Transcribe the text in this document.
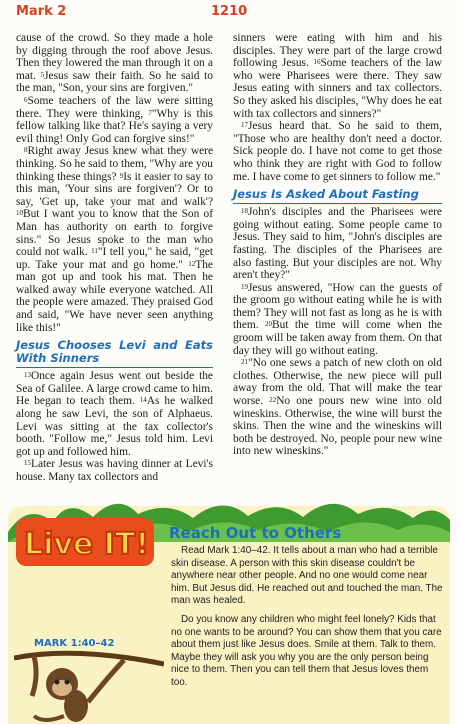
Mark 2	1210

cause of the crowd. So they made a hole by digging through the roof above Jesus. Then they lowered the man through it on a mat. $^5$Jesus saw their faith. So he said to the man, "Son, your sins are forgiven."

$^6$Some teachers of the law were sitting there. They were thinking, $^7$"Why is this fellow talking like that? He's saying a very evil thing! Only God can forgive sins!"

$^8$Right away Jesus knew what they were thinking. So he said to them, "Why are you thinking these things? $^9$Is it easier to say to this man, 'Your sins are forgiven'? Or to say, 'Get up, take your mat and walk'? $^{10}$But I want you to know that the Son of Man has authority on earth to forgive sins." So Jesus spoke to the man who could not walk. $^{11}$"I tell you," he said, "get up. Take your mat and go home." $^{12}$The man got up and took his mat. Then he walked away while everyone watched. All the people were amazed. They praised God and said, "We have never seen anything like this!"

Jesus Chooses Levi and Eats With Sinners

$^{13}$Once again Jesus went out beside the Sea of Galilee. A large crowd came to him. He began to teach them. $^{14}$As he walked along he saw Levi, the son of Alphaeus. Levi was sitting at the tax collector's booth. "Follow me," Jesus told him. Levi got up and followed him.

$^{15}$Later Jesus was having dinner at Levi's house. Many tax collectors and

sinners were eating with him and his disciples. They were part of the large crowd following Jesus. $^{16}$Some teachers of the law who were Pharisees were there. They saw Jesus eating with sinners and tax collectors. So they asked his disciples, "Why does he eat with tax collectors and sinners?"

$^{17}$Jesus heard that. So he said to them, "Those who are healthy don't need a doctor. Sick people do. I have not come to get those who think they are right with God to follow me. I have come to get sinners to follow me."

Jesus Is Asked About Fasting

$^{18}$John's disciples and the Pharisees were going without eating. Some people came to Jesus. They said to him, "John's disciples are fasting. The disciples of the Pharisees are also fasting. But your disciples are not. Why aren't they?"

$^{19}$Jesus answered, "How can the guests of the groom go without eating while he is with them? They will not fast as long as he is with them. $^{20}$But the time will come when the groom will be taken away from them. On that day they will go without eating.

$^{21}$"No one sews a patch of new cloth on old clothes. Otherwise, the new piece will pull away from the old. That will make the tear worse. $^{22}$No one pours new wine into old wineskins. Otherwise, the wine will burst the skins. Then the wine and the wineskins will both be destroyed. No, people pour new wine into new wineskins."

Live IT! Reach Out to Others
MARK 1:40–42

Read Mark 1:40–42. It tells about a man who had a terrible skin disease. A person with this skin disease couldn't be anywhere near other people. And no one would come near him. But Jesus did. He reached out and touched the man. The man was healed.

Do you know any children who might feel lonely? Kids that no one wants to be around? You can show them that you care about them just like Jesus does. Smile at them. Talk to them. Maybe they will ask you why you are the only person being nice to them. Then you can tell them that Jesus loves them too.
